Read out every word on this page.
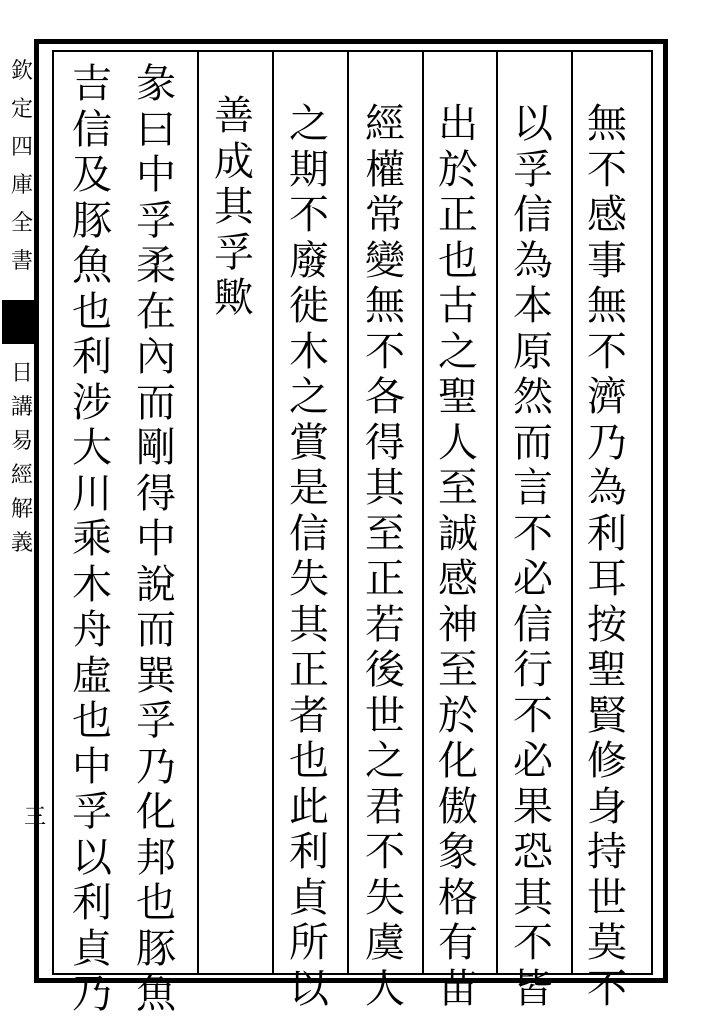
無
不
感
事
無
不
濟
乃
為
利
耳
按
聖
賢
修
身
持
世
莫
不
以
孚
信
為
本
原
然
而
言
不
必
信
行
不
必
果
恐
其
不
皆
出
於
正
也
古
之
聖
人
至
誠
感
神
至
於
化
傲
象
格
有
苗
經
權
常
變
無
不
各
得
其
至
正
若
後
世
之
君
不
失
虞
人
之
期
不
廢
徙
木
之
賞
是
信
失
其
正
者
也
此
利
貞
所
以
善
成
其
孚
歟
彖
曰
中
孚
柔
在
內
而
剛
得
中
說
而
巽
孚
乃
化
邦
也
豚
魚
吉
信
及
豚
魚
也
利
涉
大
川
乘
木
舟
虛
也
中
孚
以
利
貞
乃
欽
定
四
庫
全
書
日
講
易
經
解
義
三
